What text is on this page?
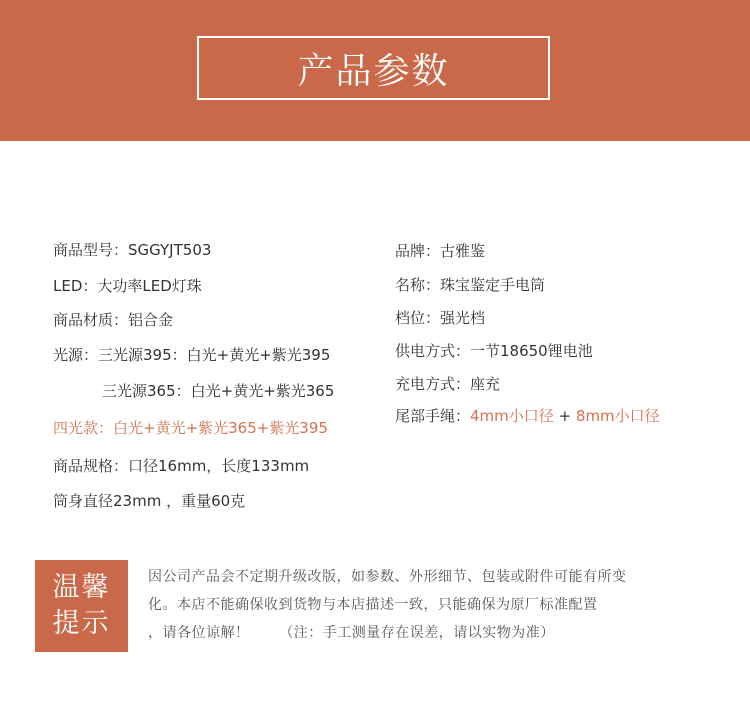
产品参数
商品型号：SGGYJT503
LED：大功率LED灯珠
商品材质：铝合金
光源：三光源395：白光+黄光+紫光395
三光源365：白光+黄光+紫光365
四光款：白光+黄光+紫光365+紫光395
商品规格：口径16mm，长度133mm
筒身直径23mm ，重量60克
品牌：古雅鉴
名称：珠宝鉴定手电筒
档位：强光档
供电方式：一节18650锂电池
充电方式：座充
尾部手绳：4mm小口径 + 8mm小口径
温馨
提示
因公司产品会不定期升级改版，如参数、外形细节、包装或附件可能有所变
化。本店不能确保收到货物与本店描述一致，只能确保为原厂标准配置
，请各位谅解！      （注：手工测量存在误差，请以实物为准）
